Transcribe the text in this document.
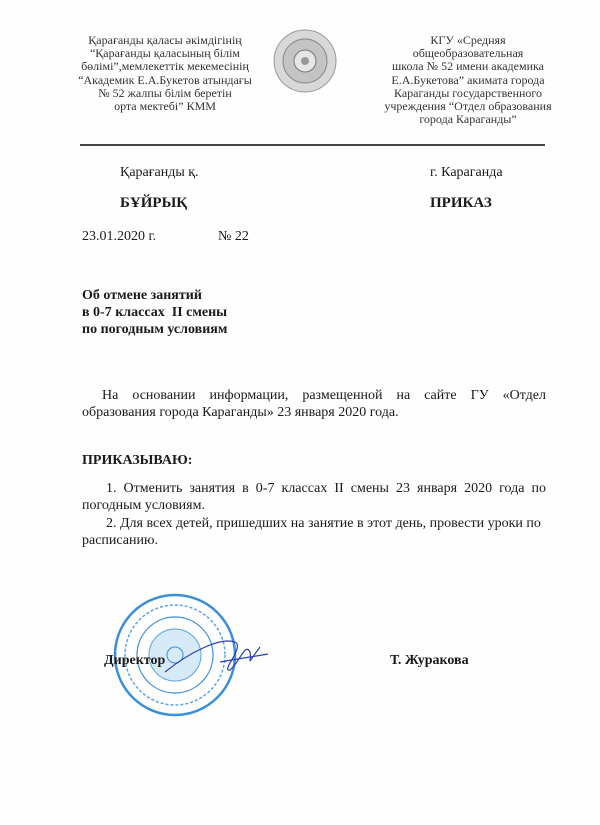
Қарағанды қаласы әкімдігінің
“Қарағанды қаласының білім
бөлімі”,мемлекеттік мекемесінің
“Академик Е.А.Букетов атындағы
№ 52 жалпы білім беретін
орта мектебі” КММ
КГУ «Средняя
общеобразовательная
школа № 52 имени академика
Е.А.Букетова” акимата города
Караганды государственного
учреждения “Отдел образования
города Караганды”
Қарағанды қ.	г. Караганда
БҰЙРЫҚ	ПРИКАЗ
23.01.2020 г.	№ 22
Об отмене занятий
в 0-7 классах  II смены
по погодным условиям
На основании информации, размещенной на сайте ГУ «Отдел образования города Караганды» 23 января 2020 года.
ПРИКАЗЫВАЮ:
1. Отменить занятия в 0-7 классах II смены 23 января 2020 года по погодным условиям.
2. Для всех детей, пришедших на занятие в этот день, провести уроки по расписанию.
Директор	Т. Журакова
